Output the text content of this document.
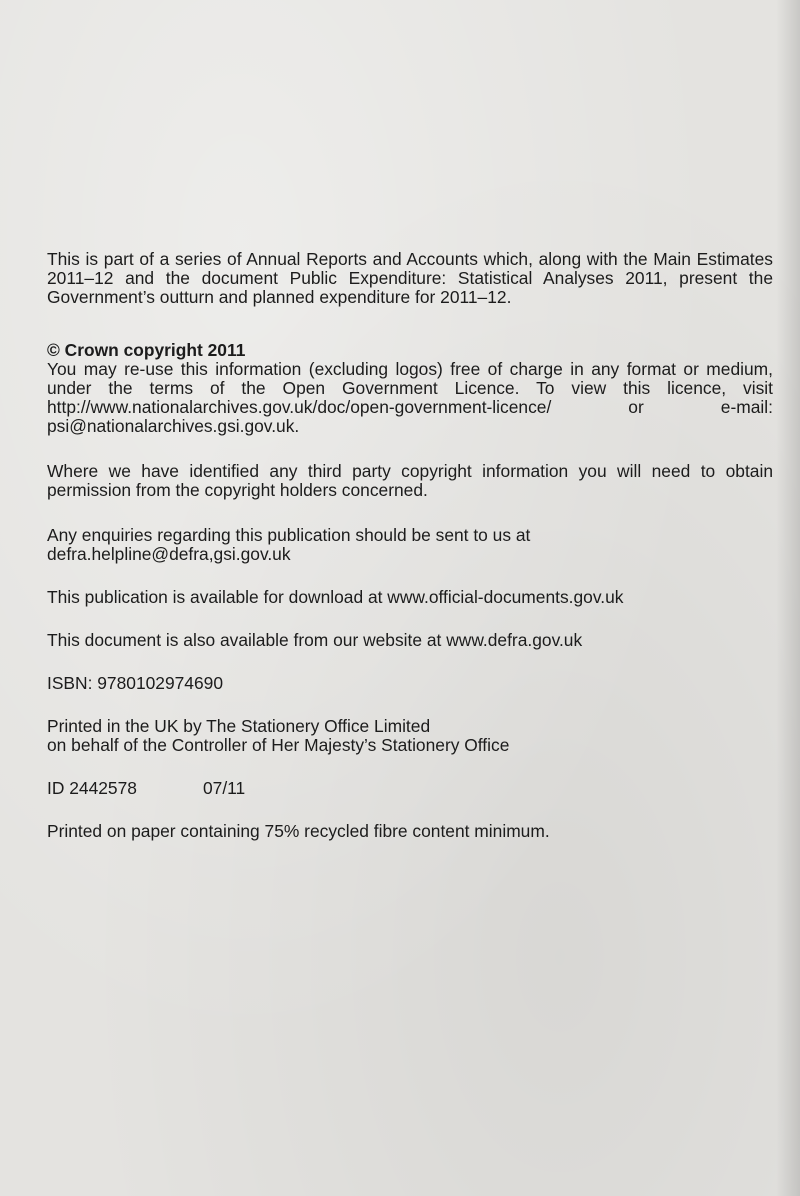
This is part of a series of Annual Reports and Accounts which, along with the Main Estimates 2011–12 and the document Public Expenditure: Statistical Analyses 2011, present the Government’s outturn and planned expenditure for 2011–12.

© Crown copyright 2011

You may re-use this information (excluding logos) free of charge in any format or medium, under the terms of the Open Government Licence. To view this licence, visit http://www.nationalarchives.gov.uk/doc/open-government-licence/ or e-mail: psi@nationalarchives.gsi.gov.uk.

Where we have identified any third party copyright information you will need to obtain permission from the copyright holders concerned.

Any enquiries regarding this publication should be sent to us at defra.helpline@defra,gsi.gov.uk

This publication is available for download at www.official-documents.gov.uk

This document is also available from our website at www.defra.gov.uk

ISBN: 9780102974690

Printed in the UK by The Stationery Office Limited

on behalf of the Controller of Her Majesty’s Stationery Office

ID 2442578	07/11

Printed on paper containing 75% recycled fibre content minimum.
